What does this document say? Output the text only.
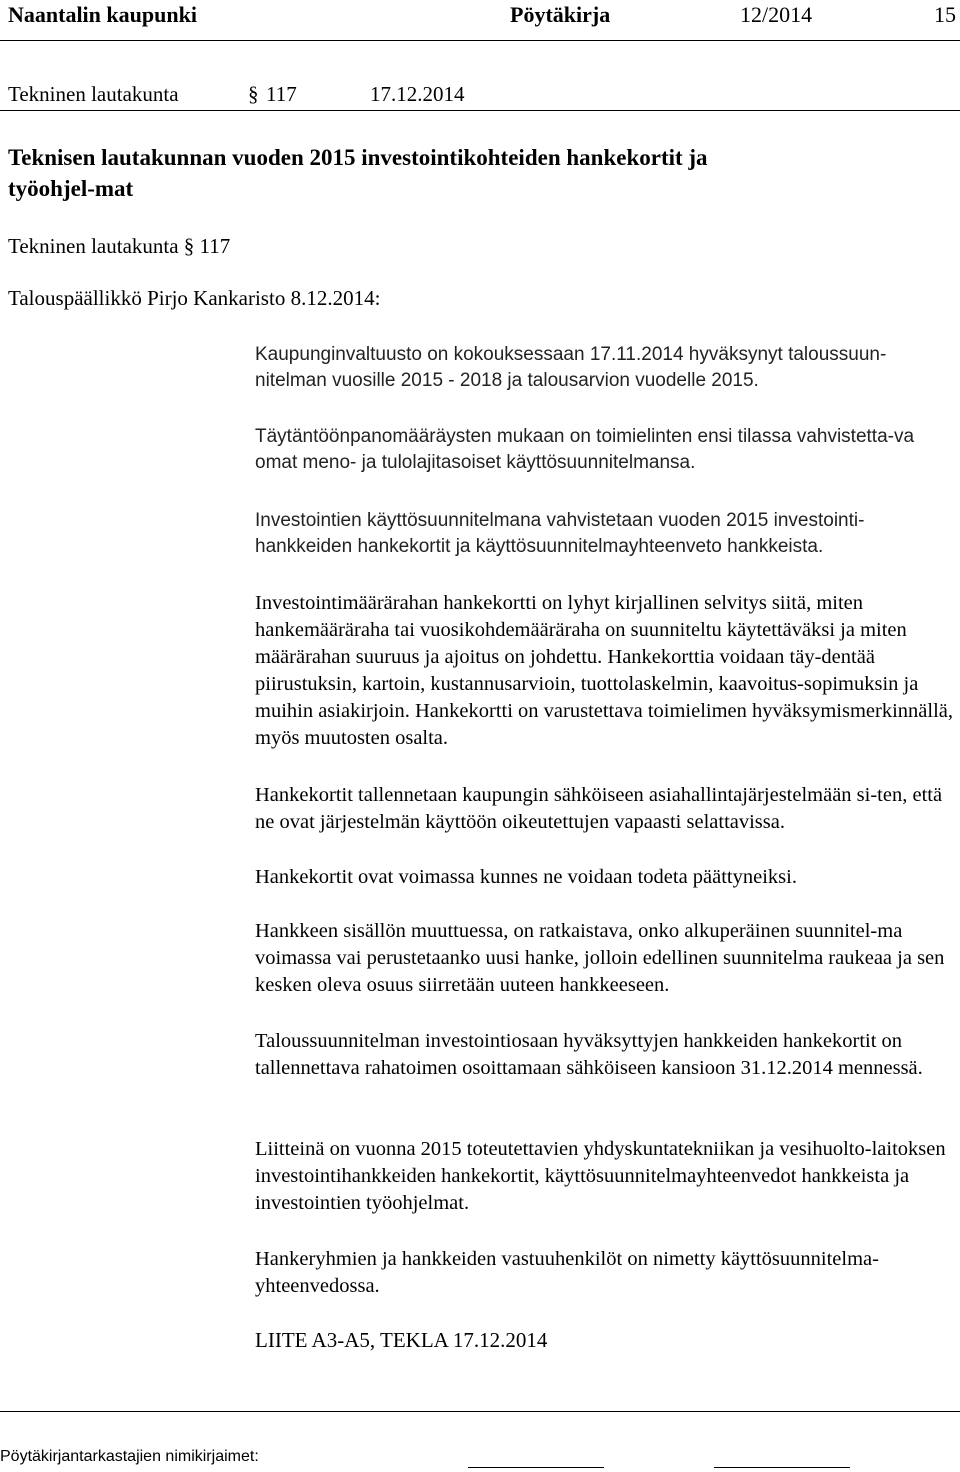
Naantalin kaupunki	Pöytäkirja	12/2014	15
Tekninen lautakunta	§ 117	17.12.2014
Teknisen lautakunnan vuoden 2015 investointikohteiden hankekortit ja työohjel-mat
Tekninen lautakunta § 117
Talouspäällikkö Pirjo Kankaristo 8.12.2014:
Kaupunginvaltuusto on kokouksessaan 17.11.2014 hyväksynyt taloussuun-nitelman vuosille 2015 - 2018 ja talousarvion vuodelle 2015.
Täytäntöönpanomääräysten mukaan on toimielinten ensi tilassa vahvistetta-va omat meno- ja tulolajitasoiset käyttösuunnitelmansa.
Investointien käyttösuunnitelmana vahvistetaan vuoden 2015 investointi-hankkeiden hankekortit ja käyttösuunnitelmayhteenveto hankkeista.
Investointimäärärahan hankekortti on lyhyt kirjallinen selvitys siitä, miten hankemääräraha tai vuosikohdemääräraha on suunniteltu käytettäväksi ja miten määrärahan suuruus ja ajoitus on johdettu. Hankekorttia voidaan täy-dentää piirustuksin, kartoin, kustannusarvioin, tuottolaskelmin, kaavoitus-sopimuksin ja muihin asiakirjoin. Hankekortti on varustettava toimielimen hyväksymismerkinnällä, myös muutosten osalta.
Hankekortit tallennetaan kaupungin sähköiseen asiahallintajärjestelmään si-ten, että ne ovat järjestelmän käyttöön oikeutettujen vapaasti selattavissa.
Hankekortit ovat voimassa kunnes ne voidaan todeta päättyneiksi.
Hankkeen sisällön muuttuessa, on ratkaistava, onko alkuperäinen suunnitel-ma voimassa vai perustetaanko uusi hanke, jolloin edellinen suunnitelma raukeaa ja sen kesken oleva osuus siirretään uuteen hankkeeseen.
Taloussuunnitelman investointiosaan hyväksyttyjen hankkeiden hankekortit on tallennettava rahatoimen osoittamaan sähköiseen kansioon 31.12.2014 mennessä.
Liitteinä on vuonna 2015 toteutettavien yhdyskuntatekniikan ja vesihuolto-laitoksen investointihankkeiden hankekortit, käyttösuunnitelmayhteenvedot hankkeista ja investointien työohjelmat.
Hankeryhmien ja hankkeiden vastuuhenkilöt on nimetty käyttösuunnitelma-yhteenvedossa.
LIITE A3-A5, TEKLA 17.12.2014
Pöytäkirjantarkastajien nimikirjaimet:
